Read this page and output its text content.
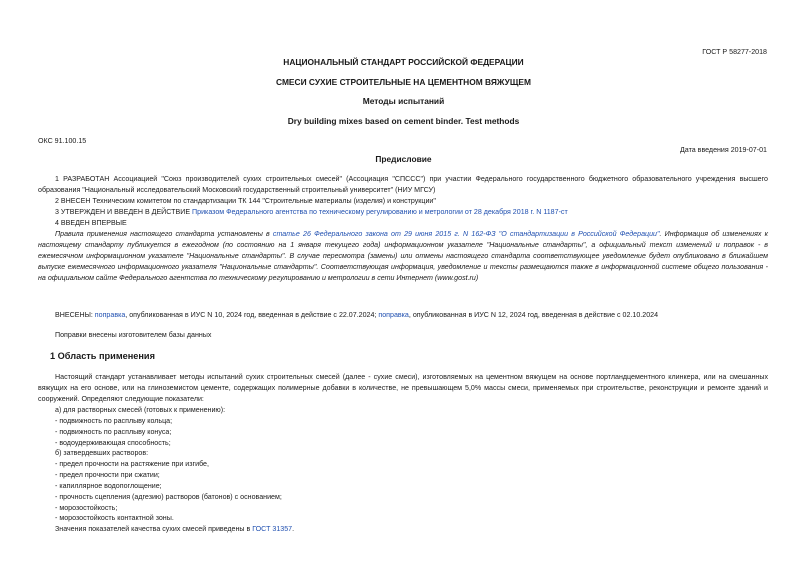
ГОСТ Р 58277-2018
НАЦИОНАЛЬНЫЙ СТАНДАРТ РОССИЙСКОЙ ФЕДЕРАЦИИ
СМЕСИ СУХИЕ СТРОИТЕЛЬНЫЕ НА ЦЕМЕНТНОМ ВЯЖУЩЕМ
Методы испытаний
Dry building mixes based on cement binder. Test methods
ОКС 91.100.15
Дата введения 2019-07-01
Предисловие

1 РАЗРАБОТАН Ассоциацией "Союз производителей сухих строительных смесей" (Ассоциация "СПССС") при участии Федерального государственного бюджетного образовательного учреждения высшего образования "Национальный исследовательский Московский государственный строительный университет" (НИУ МГСУ)

2 ВНЕСЕН Техническим комитетом по стандартизации ТК 144 "Строительные материалы (изделия) и конструкции"
3 УТВЕРЖДЕН И ВВЕДЕН В ДЕЙСТВИЕ Приказом Федерального агентства по техническому регулированию и метрологии от 28 декабря 2018 г. N 1187-ст
4 ВВЕДЕН ВПЕРВЫЕ

Правила применения настоящего стандарта установлены в статье 26 Федерального закона от 29 июня 2015 г. N 162-ФЗ "О стандартизации в Российской Федерации". Информация об изменениях к настоящему стандарту публикуется в ежегодном (по состоянию на 1 января текущего года) информационном указателе "Национальные стандарты", а официальный текст изменений и поправок - в ежемесячном информационном указателе "Национальные стандарты". В случае пересмотра (замены) или отмены настоящего стандарта соответствующее уведомление будет опубликовано в ближайшем выпуске ежемесячного информационного указателя "Национальные стандарты". Соответствующая информация, уведомление и тексты размещаются также в информационной системе общего пользования - на официальном сайте Федерального агентства по техническому регулированию и метрологии в сети Интернет (www.gost.ru)

ВНЕСЕНЫ: поправка, опубликованная в ИУС N 10, 2024 год, введенная в действие с 22.07.2024; поправка, опубликованная в ИУС N 12, 2024 год, введенная в действие с 02.10.2024
Поправки внесены изготовителем базы данных
1 Область применения

Настоящий стандарт устанавливает методы испытаний сухих строительных смесей (далее - сухие смеси), изготовляемых на цементном вяжущем на основе портландцементного клинкера, или на смешанных вяжущих на его основе, или на глиноземистом цементе, содержащих полимерные добавки в количестве, не превышающем 5,0% массы смеси, применяемых при строительстве, реконструкции и ремонте зданий и сооружений. Определяют следующие показатели:

а) для растворных смесей (готовых к применению):
- подвижность по расплыву кольца;
- подвижность по расплыву конуса;
- водоудерживающая способность;
б) затвердевших растворов:
- предел прочности на растяжение при изгибе,
- предел прочности при сжатии;
- капиллярное водопоглощение;
- прочность сцепления (адгезию) растворов (батонов) с основанием;
- морозостойкость;
- морозостойкость контактной зоны.
Значения показателей качества сухих смесей приведены в ГОСТ 31357.
